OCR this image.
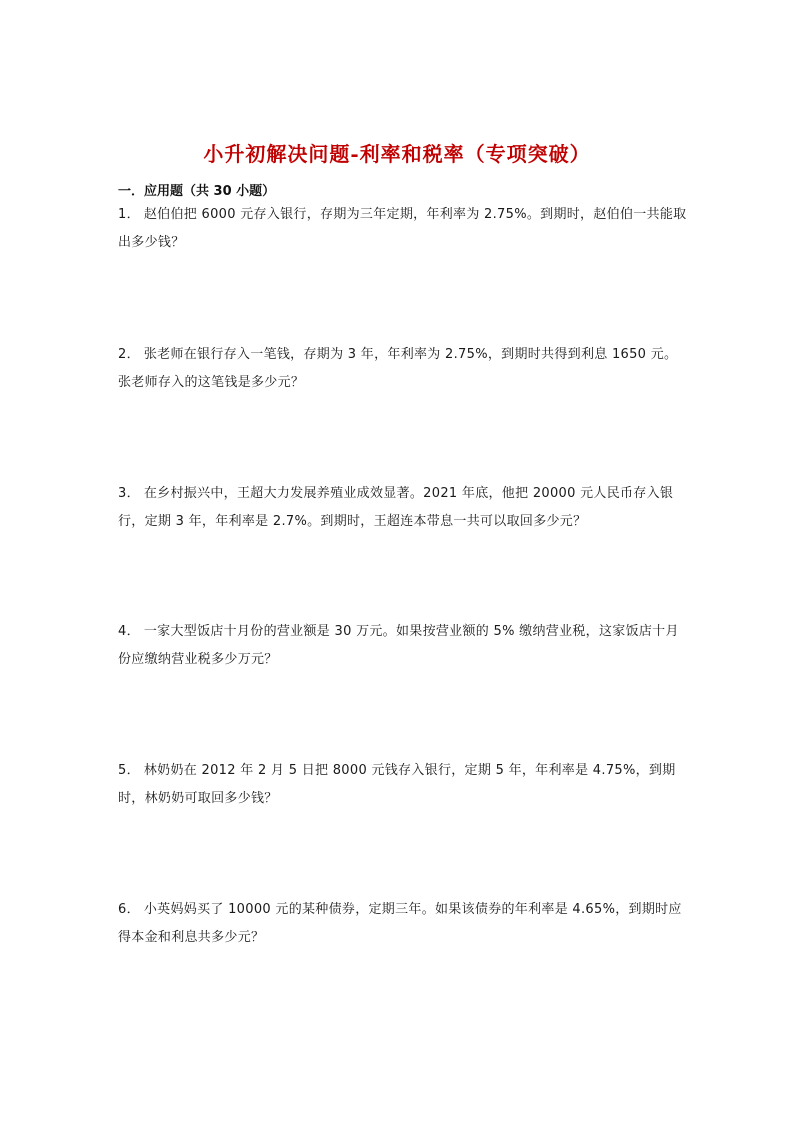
小升初解决问题-利率和税率（专项突破）
一．应用题（共 30 小题）
1． 赵伯伯把 6000 元存入银行，存期为三年定期，年利率为 2.75%。到期时，赵伯伯一共能取出多少钱？
2． 张老师在银行存入一笔钱，存期为 3 年，年利率为 2.75%，到期时共得到利息 1650 元。张老师存入的这笔钱是多少元？
3． 在乡村振兴中，王超大力发展养殖业成效显著。2021 年底，他把 20000 元人民币存入银行，定期 3 年，年利率是 2.7%。到期时，王超连本带息一共可以取回多少元？
4． 一家大型饭店十月份的营业额是 30 万元。如果按营业额的 5% 缴纳营业税，这家饭店十月份应缴纳营业税多少万元？
5． 林奶奶在 2012 年 2 月 5 日把 8000 元钱存入银行，定期 5 年，年利率是 4.75%，到期时，林奶奶可取回多少钱？
6． 小英妈妈买了 10000 元的某种债券，定期三年。如果该债券的年利率是 4.65%，到期时应得本金和利息共多少元？
